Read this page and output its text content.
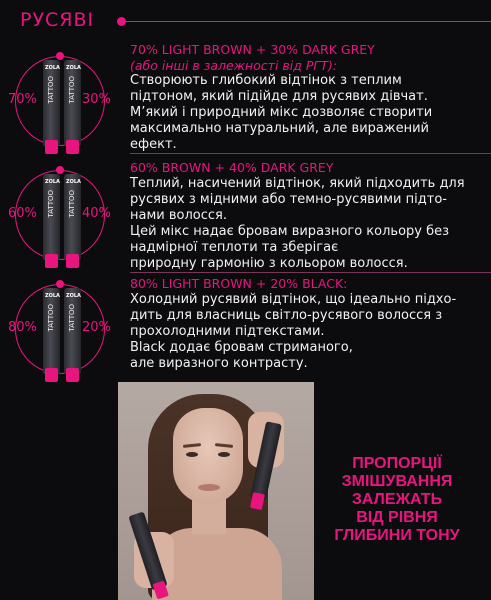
РУСЯВІ
ZOLA
TATTOO
ZOLA
TATTOO
70%	30%
70% LIGHT BROWN + 30% DARK GREY
(або інші в залежності від РГТ):
Створюють глибокий відтінок з теплим
підтоном, який підійде для русявих дівчат.
М’який і природний мікс дозволяє створити
максимально натуральний, але виражений
ефект.
ZOLA
TATTOO
ZOLA
TATTOO
60%	40%
60% BROWN + 40% DARK GREY
Теплий, насичений відтінок, який підходить для
русявих з мідними або темно-русявими підто-
нами волосся.
Цей мікс надає бровам виразного кольору без
надмірної теплоти та зберігає
природну гармонію з кольором волосся.
ZOLA
TATTOO
ZOLA
TATTOO
80%	20%
80% LIGHT BROWN + 20% BLACK:
Холодний русявий відтінок, що ідеально підхо-
дить для власниць світло-русявого волосся з
прохолодними підтекстами.
Black додає бровам стриманого,
але виразного контрасту.
ПРОПОРЦІЇ
ЗМІШУВАННЯ
ЗАЛЕЖАТЬ
ВІД РІВНЯ
ГЛИБИНИ ТОНУ
